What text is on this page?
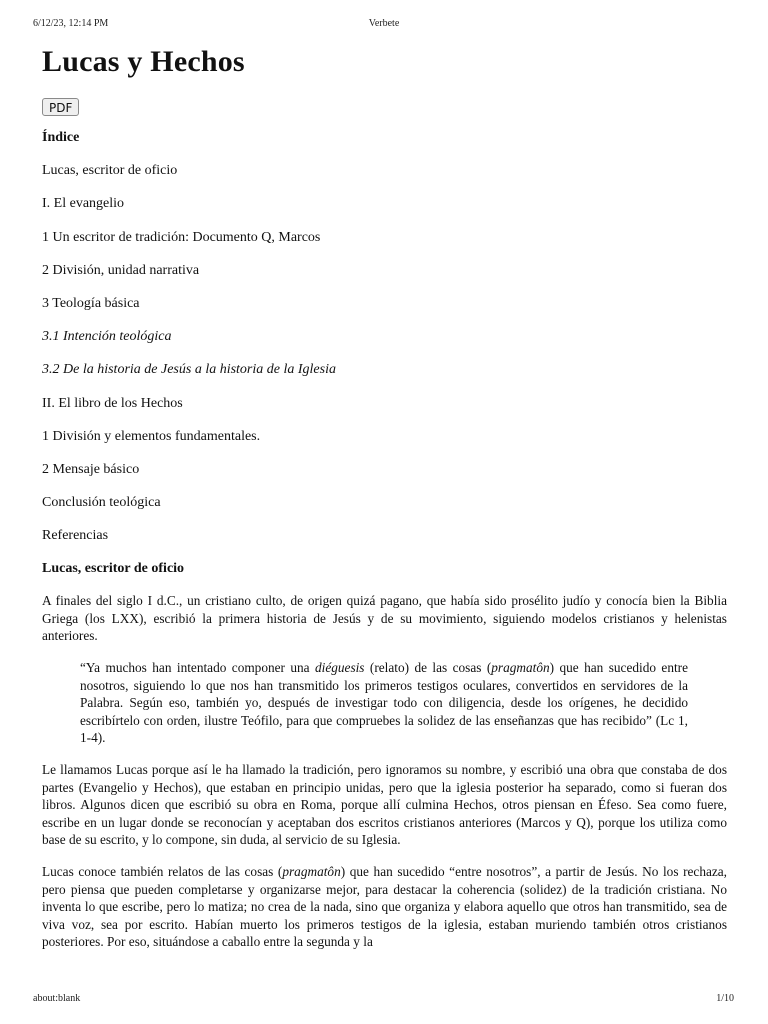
6/12/23, 12:14 PM	Verbete
Lucas y Hechos
PDF
Índice
Lucas, escritor de oficio
I. El evangelio
1 Un escritor de tradición: Documento Q, Marcos
2 División, unidad narrativa
3 Teología básica
3.1 Intención teológica
3.2 De la historia de Jesús a la historia de la Iglesia
II. El libro de los Hechos
1 División y elementos fundamentales.
2 Mensaje básico
Conclusión teológica
Referencias
Lucas, escritor de oficio

A finales del siglo I d.C., un cristiano culto, de origen quizá pagano, que había sido prosélito judío y conocía bien la Biblia Griega (los LXX), escribió la primera historia de Jesús y de su movimiento, siguiendo modelos cristianos y helenistas anteriores.

“Ya muchos han intentado componer una diéguesis (relato) de las cosas (pragmatôn) que han sucedido entre nosotros, siguiendo lo que nos han transmitido los primeros testigos oculares, convertidos en servidores de la Palabra. Según eso, también yo, después de investigar todo con diligencia, desde los orígenes, he decidido escribírtelo con orden, ilustre Teófilo, para que compruebes la solidez de las enseñanzas que has recibido” (Lc 1, 1-4).

Le llamamos Lucas porque así le ha llamado la tradición, pero ignoramos su nombre, y escribió una obra que constaba de dos partes (Evangelio y Hechos), que estaban en principio unidas, pero que la iglesia posterior ha separado, como si fueran dos libros. Algunos dicen que escribió su obra en Roma, porque allí culmina Hechos, otros piensan en Éfeso. Sea como fuere, escribe en un lugar donde se reconocían y aceptaban dos escritos cristianos anteriores (Marcos y Q), porque los utiliza como base de su escrito, y lo compone, sin duda, al servicio de su Iglesia.

Lucas conoce también relatos de las cosas (pragmatôn) que han sucedido “entre nosotros”, a partir de Jesús. No los rechaza, pero piensa que pueden completarse y organizarse mejor, para destacar la coherencia (solidez) de la tradición cristiana. No inventa lo que escribe, pero lo matiza; no crea de la nada, sino que organiza y elabora aquello que otros han transmitido, sea de viva voz, sea por escrito. Habían muerto los primeros testigos de la iglesia, estaban muriendo también otros cristianos posteriores. Por eso, situándose a caballo entre la segunda y la

about:blank	1/10
